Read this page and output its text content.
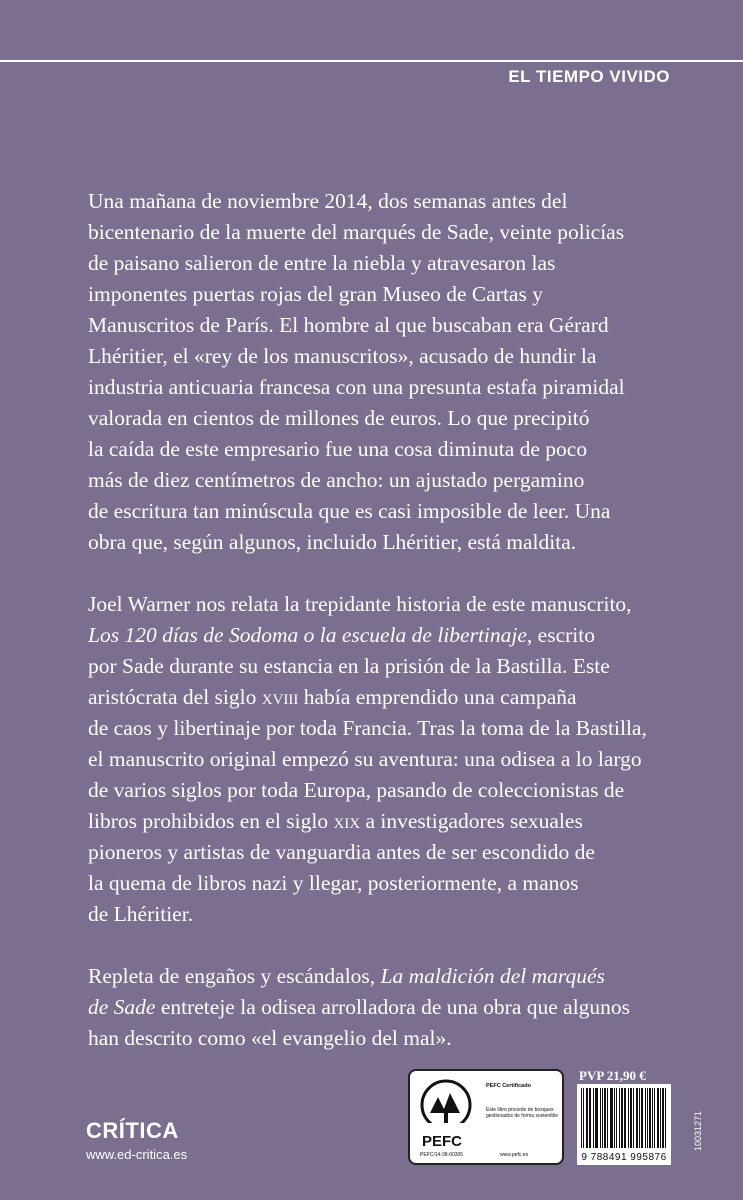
EL TIEMPO VIVIDO

Una mañana de noviembre 2014, dos semanas antes del
bicentenario de la muerte del marqués de Sade, veinte policías
de paisano salieron de entre la niebla y atravesaron las
imponentes puertas rojas del gran Museo de Cartas y
Manuscritos de París. El hombre al que buscaban era Gérard
Lhéritier, el «rey de los manuscritos», acusado de hundir la
industria anticuaria francesa con una presunta estafa piramidal
valorada en cientos de millones de euros. Lo que precipitó
la caída de este empresario fue una cosa diminuta de poco
más de diez centímetros de ancho: un ajustado pergamino
de escritura tan minúscula que es casi imposible de leer. Una
obra que, según algunos, incluido Lhéritier, está maldita.

Joel Warner nos relata la trepidante historia de este manuscrito,
Los 120 días de Sodoma o la escuela de libertinaje, escrito
por Sade durante su estancia en la prisión de la Bastilla. Este
aristócrata del siglo xviii había emprendido una campaña
de caos y libertinaje por toda Francia. Tras la toma de la Bastilla,
el manuscrito original empezó su aventura: una odisea a lo largo
de varios siglos por toda Europa, pasando de coleccionistas de
libros prohibidos en el siglo xix a investigadores sexuales
pioneros y artistas de vanguardia antes de ser escondido de
la quema de libros nazi y llegar, posteriormente, a manos
de Lhéritier.

Repleta de engaños y escándalos, La maldición del marqués
de Sade entreteje la odisea arrolladora de una obra que algunos
han descrito como «el evangelio del mal».

CRÍTICA
www.ed-critica.es
PEFC
PEFC/14-38-00305
PEFC Certificado
Este libro procede de bosques gestionados de forma sostenible
www.pefc.es
PVP 21,90 €
9 788491 995876
10031271
